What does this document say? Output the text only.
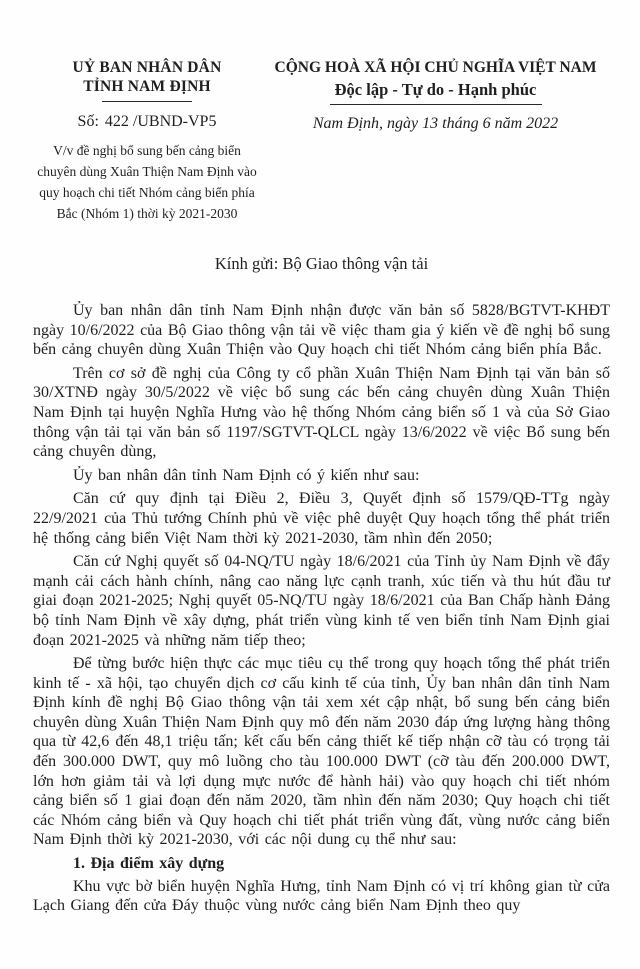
UỶ BAN NHÂN DÂN
TỈNH NAM ĐỊNH
Số: 422 /UBND-VP5
V/v đề nghị bổ sung bến cảng biển chuyên dùng Xuân Thiện Nam Định vào quy hoạch chi tiết Nhóm cảng biển phía Bắc (Nhóm 1) thời kỳ 2021-2030
CỘNG HOÀ XÃ HỘI CHỦ NGHĨA VIỆT NAM
Độc lập - Tự do - Hạnh phúc
Nam Định, ngày 13 tháng 6 năm 2022
Kính gửi: Bộ Giao thông vận tải

Ủy ban nhân dân tỉnh Nam Định nhận được văn bản số 5828/BGTVT-KHĐT ngày 10/6/2022 của Bộ Giao thông vận tải về việc tham gia ý kiến về đề nghị bổ sung bến cảng chuyên dùng Xuân Thiện vào Quy hoạch chi tiết Nhóm cảng biển phía Bắc.

Trên cơ sở đề nghị của Công ty cổ phần Xuân Thiện Nam Định tại văn bản số 30/XTNĐ ngày 30/5/2022 về việc bổ sung các bến cảng chuyên dùng Xuân Thiện Nam Định tại huyện Nghĩa Hưng vào hệ thống Nhóm cảng biển số 1 và của Sở Giao thông vận tải tại văn bản số 1197/SGTVT-QLCL ngày 13/6/2022 về việc Bổ sung bến cảng chuyên dùng,

Ủy ban nhân dân tỉnh Nam Định có ý kiến như sau:

Căn cứ quy định tại Điều 2, Điều 3, Quyết định số 1579/QĐ-TTg ngày 22/9/2021 của Thủ tướng Chính phủ về việc phê duyệt Quy hoạch tổng thể phát triển hệ thống cảng biển Việt Nam thời kỳ 2021-2030, tầm nhìn đến 2050;

Căn cứ Nghị quyết số 04-NQ/TU ngày 18/6/2021 của Tỉnh ủy Nam Định về đẩy mạnh cải cách hành chính, nâng cao năng lực cạnh tranh, xúc tiến và thu hút đầu tư giai đoạn 2021-2025; Nghị quyết 05-NQ/TU ngày 18/6/2021 của Ban Chấp hành Đảng bộ tỉnh Nam Định về xây dựng, phát triển vùng kinh tế ven biển tỉnh Nam Định giai đoạn 2021-2025 và những năm tiếp theo;

Để từng bước hiện thực các mục tiêu cụ thể trong quy hoạch tổng thể phát triển kinh tế - xã hội, tạo chuyển dịch cơ cấu kinh tế của tỉnh, Ủy ban nhân dân tỉnh Nam Định kính đề nghị Bộ Giao thông vận tải xem xét cập nhật, bổ sung bến cảng biển chuyên dùng Xuân Thiện Nam Định quy mô đến năm 2030 đáp ứng lượng hàng thông qua từ 42,6 đến 48,1 triệu tấn; kết cấu bến cảng thiết kế tiếp nhận cỡ tàu có trọng tải đến 300.000 DWT, quy mô luồng cho tàu 100.000 DWT (cỡ tàu đến 200.000 DWT, lớn hơn giảm tải và lợi dụng mực nước để hành hải) vào quy hoạch chi tiết nhóm cảng biển số 1 giai đoạn đến năm 2020, tầm nhìn đến năm 2030; Quy hoạch chi tiết các Nhóm cảng biển và Quy hoạch chi tiết phát triển vùng đất, vùng nước cảng biển Nam Định thời kỳ 2021-2030, với các nội dung cụ thể như sau:

1. Địa điểm xây dựng

Khu vực bờ biển huyện Nghĩa Hưng, tỉnh Nam Định có vị trí không gian từ cửa Lạch Giang đến cửa Đáy thuộc vùng nước cảng biển Nam Định theo quy
